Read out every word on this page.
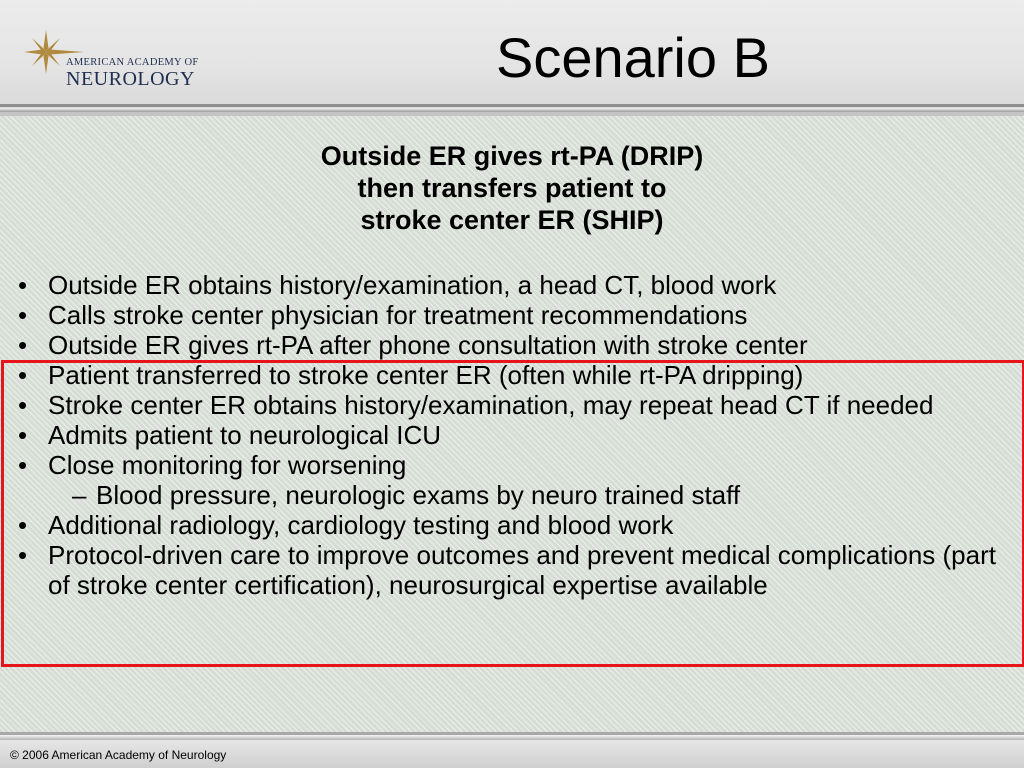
AMERICAN ACADEMY OF
NEUROLOGY	Scenario B
Outside ER gives rt-PA (DRIP)
then transfers patient to
stroke center ER (SHIP)
• Outside ER obtains history/examination, a head CT, blood work
• Calls stroke center physician for treatment recommendations
• Outside ER gives rt-PA after phone consultation with stroke center
• Patient transferred to stroke center ER (often while rt-PA dripping)
• Stroke center ER obtains history/examination, may repeat head CT if needed
• Admits patient to neurological ICU
• Close monitoring for worsening
– Blood pressure, neurologic exams by neuro trained staff
• Additional radiology, cardiology testing and blood work
• Protocol-driven care to improve outcomes and prevent medical complications (part of stroke center certification), neurosurgical expertise available
© 2006 American Academy of Neurology
